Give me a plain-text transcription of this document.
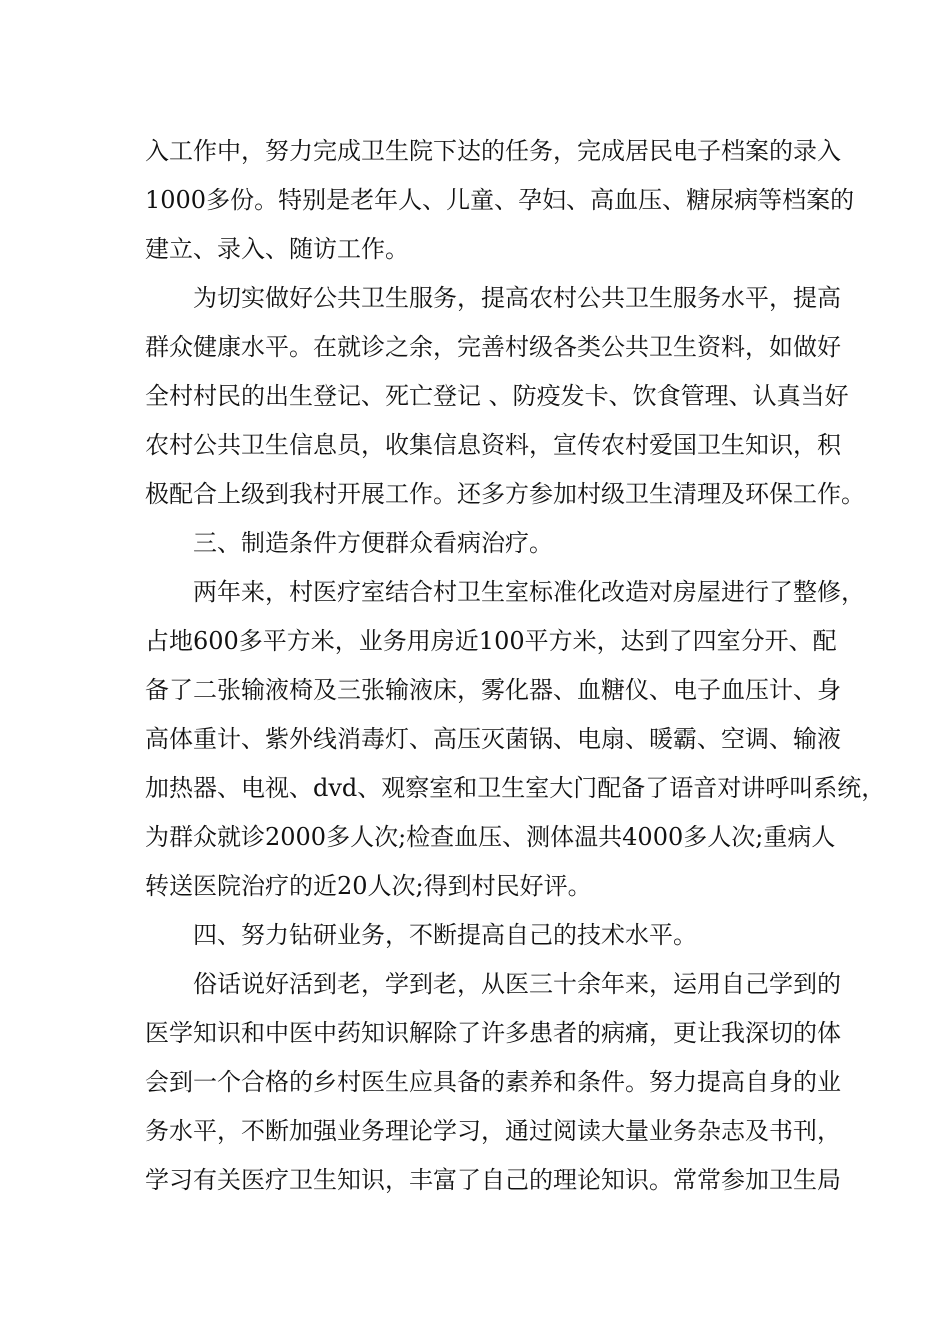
入工作中，努力完成卫生院下达的任务，完成居民电子档案的录入
1000多份。特别是老年人、儿童、孕妇、高血压、糖尿病等档案的
建立、录入、随访工作。
为切实做好公共卫生服务，提高农村公共卫生服务水平，提高
群众健康水平。在就诊之余，完善村级各类公共卫生资料，如做好
全村村民的出生登记、死亡登记 、防疫发卡、饮食管理、认真当好
农村公共卫生信息员，收集信息资料，宣传农村爱国卫生知识，积
极配合上级到我村开展工作。还多方参加村级卫生清理及环保工作。
三、制造条件方便群众看病治疗。
两年来，村医疗室结合村卫生室标准化改造对房屋进行了整修，
占地600多平方米，业务用房近100平方米，达到了四室分开、配
备了二张输液椅及三张输液床，雾化器、血糖仪、电子血压计、身
高体重计、紫外线消毒灯、高压灭菌锅、电扇、暖霸、空调、输液
加热器、电视、dvd、观察室和卫生室大门配备了语音对讲呼叫系统，
为群众就诊2000多人次;检查血压、测体温共4000多人次;重病人
转送医院治疗的近20人次;得到村民好评。
四、努力钻研业务，不断提高自己的技术水平。
俗话说好活到老，学到老，从医三十余年来，运用自己学到的
医学知识和中医中药知识解除了许多患者的病痛，更让我深切的体
会到一个合格的乡村医生应具备的素养和条件。努力提高自身的业
务水平，不断加强业务理论学习，通过阅读大量业务杂志及书刊，
学习有关医疗卫生知识，丰富了自己的理论知识。常常参加卫生局
